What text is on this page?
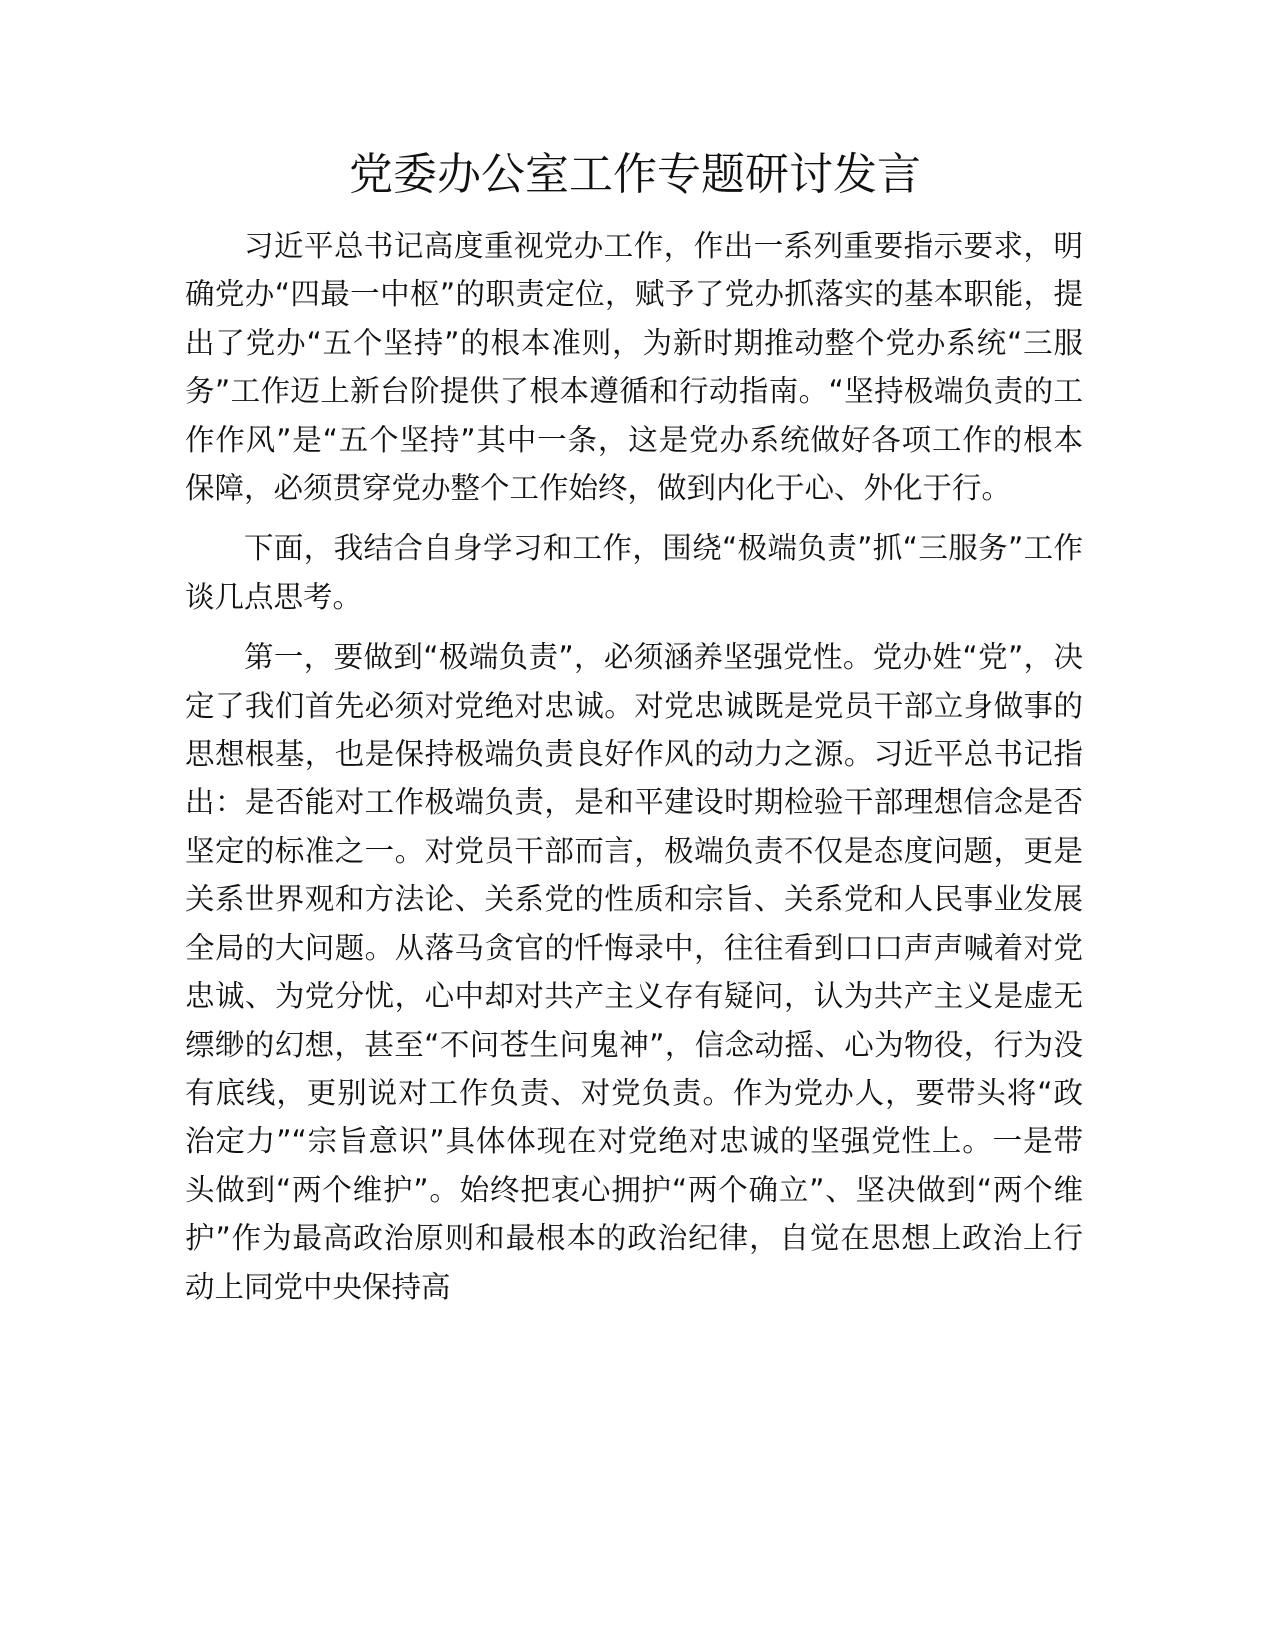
党委办公室工作专题研讨发言

习近平总书记高度重视党办工作，作出一系列重要指示要求，明确党办“四最一中枢”的职责定位，赋予了党办抓落实的基本职能，提出了党办“五个坚持”的根本准则，为新时期推动整个党办系统“三服务”工作迈上新台阶提供了根本遵循和行动指南。“坚持极端负责的工作作风”是“五个坚持”其中一条，这是党办系统做好各项工作的根本保障，必须贯穿党办整个工作始终，做到内化于心、外化于行。

下面，我结合自身学习和工作，围绕“极端负责”抓“三服务”工作谈几点思考。

第一，要做到“极端负责”，必须涵养坚强党性。党办姓“党”，决定了我们首先必须对党绝对忠诚。对党忠诚既是党员干部立身做事的思想根基，也是保持极端负责良好作风的动力之源。习近平总书记指出：是否能对工作极端负责，是和平建设时期检验干部理想信念是否坚定的标准之一。对党员干部而言，极端负责不仅是态度问题，更是关系世界观和方法论、关系党的性质和宗旨、关系党和人民事业发展全局的大问题。从落马贪官的忏悔录中，往往看到口口声声喊着对党忠诚、为党分忧，心中却对共产主义存有疑问，认为共产主义是虚无缥缈的幻想，甚至“不问苍生问鬼神”，信念动摇、心为物役，行为没有底线，更别说对工作负责、对党负责。作为党办人，要带头将“政治定力”“宗旨意识”具体体现在对党绝对忠诚的坚强党性上。一是带头做到“两个维护”。始终把衷心拥护“两个确立”、坚决做到“两个维护”作为最高政治原则和最根本的政治纪律，自觉在思想上政治上行动上同党中央保持高
